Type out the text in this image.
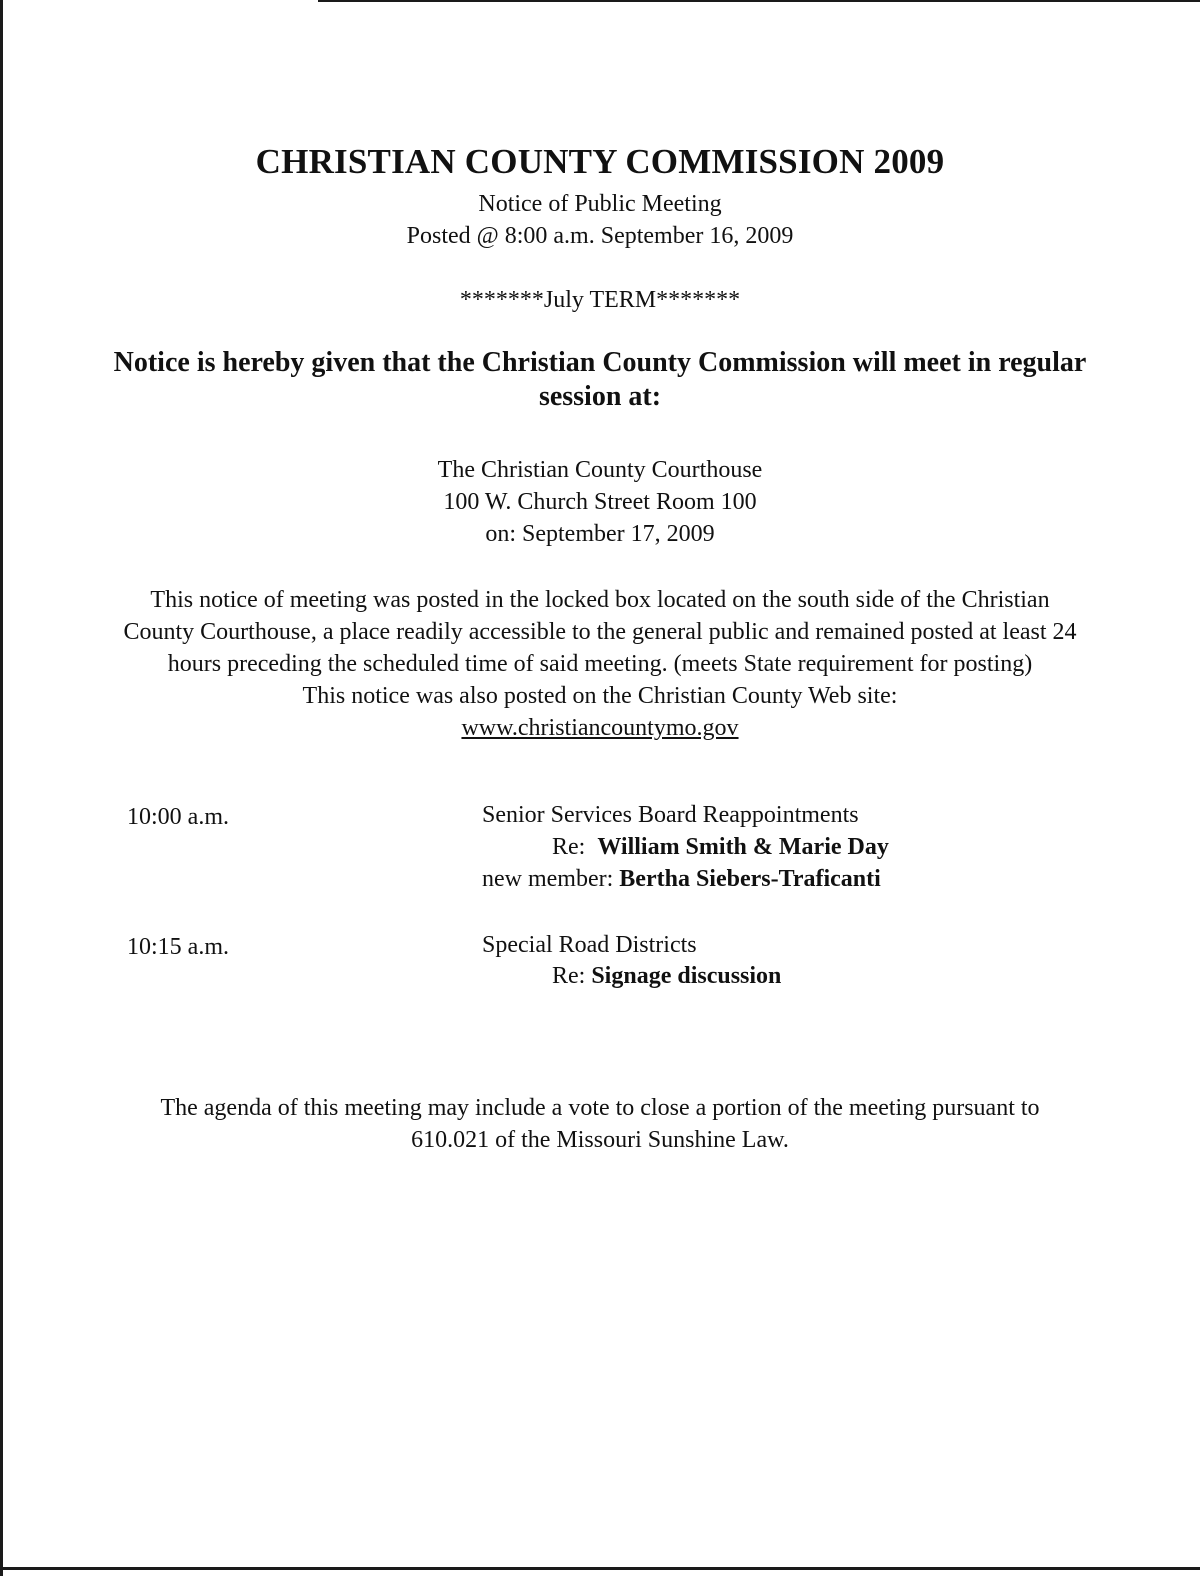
CHRISTIAN COUNTY COMMISSION 2009
Notice of Public Meeting
Posted @ 8:00 a.m. September 16, 2009
*******July TERM*******
Notice is hereby given that the Christian County Commission will meet in regular
session at:
The Christian County Courthouse
100 W. Church Street Room 100
on: September 17, 2009
This notice of meeting was posted in the locked box located on the south side of the Christian
County Courthouse, a place readily accessible to the general public and remained posted at least 24
hours preceding the scheduled time of said meeting. (meets State requirement for posting)
This notice was also posted on the Christian County Web site:
www.christiancountymo.gov
10:00 a.m.	Senior Services Board Reappointments
Re: William Smith & Marie Day
new member: Bertha Siebers-Traficanti
10:15 a.m.	Special Road Districts
Re: Signage discussion
The agenda of this meeting may include a vote to close a portion of the meeting pursuant to
610.021 of the Missouri Sunshine Law.
